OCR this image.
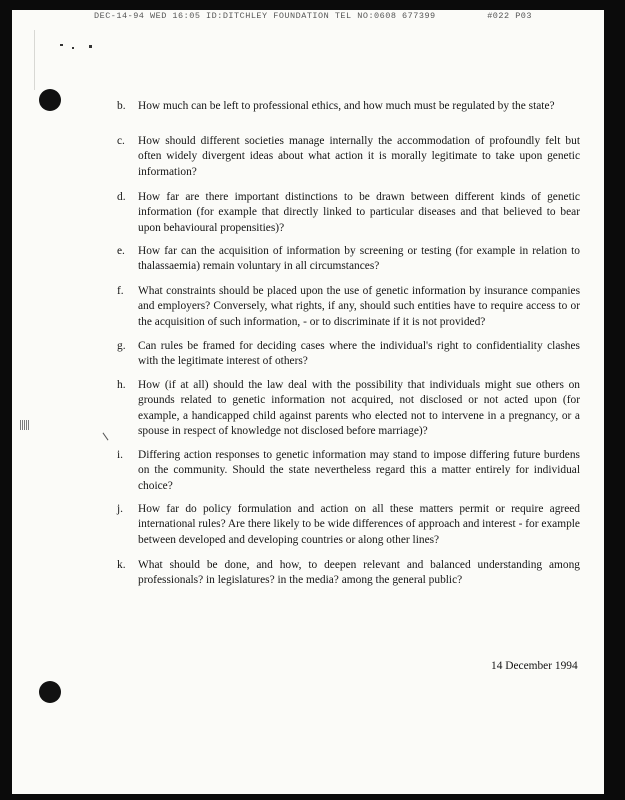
DEC-14-94 WED 16:05 ID:DITCHLEY FOUNDATION TEL NO:0608 677399	#022 P03
b. How much can be left to professional ethics, and how much must be regulated by the state?
c. How should different societies manage internally the accommodation of profoundly felt but often widely divergent ideas about what action it is morally legitimate to take upon genetic information?
d. How far are there important distinctions to be drawn between different kinds of genetic information (for example that directly linked to particular diseases and that believed to bear upon behavioural propensities)?
e. How far can the acquisition of information by screening or testing (for example in relation to thalassaemia) remain voluntary in all circumstances?
f. What constraints should be placed upon the use of genetic information by insurance companies and employers? Conversely, what rights, if any, should such entities have to require access to or the acquisition of such information, - or to discriminate if it is not provided?
g. Can rules be framed for deciding cases where the individual's right to confidentiality clashes with the legitimate interest of others?
h. How (if at all) should the law deal with the possibility that individuals might sue others on grounds related to genetic information not acquired, not disclosed or not acted upon (for example, a handicapped child against parents who elected not to intervene in a pregnancy, or a spouse in respect of knowledge not disclosed before marriage)?
i. Differing action responses to genetic information may stand to impose differing future burdens on the community. Should the state nevertheless regard this a matter entirely for individual choice?
j. How far do policy formulation and action on all these matters permit or require agreed international rules? Are there likely to be wide differences of approach and interest - for example between developed and developing countries or along other lines?
k. What should be done, and how, to deepen relevant and balanced understanding among professionals? in legislatures? in the media? among the general public?
14 December 1994
